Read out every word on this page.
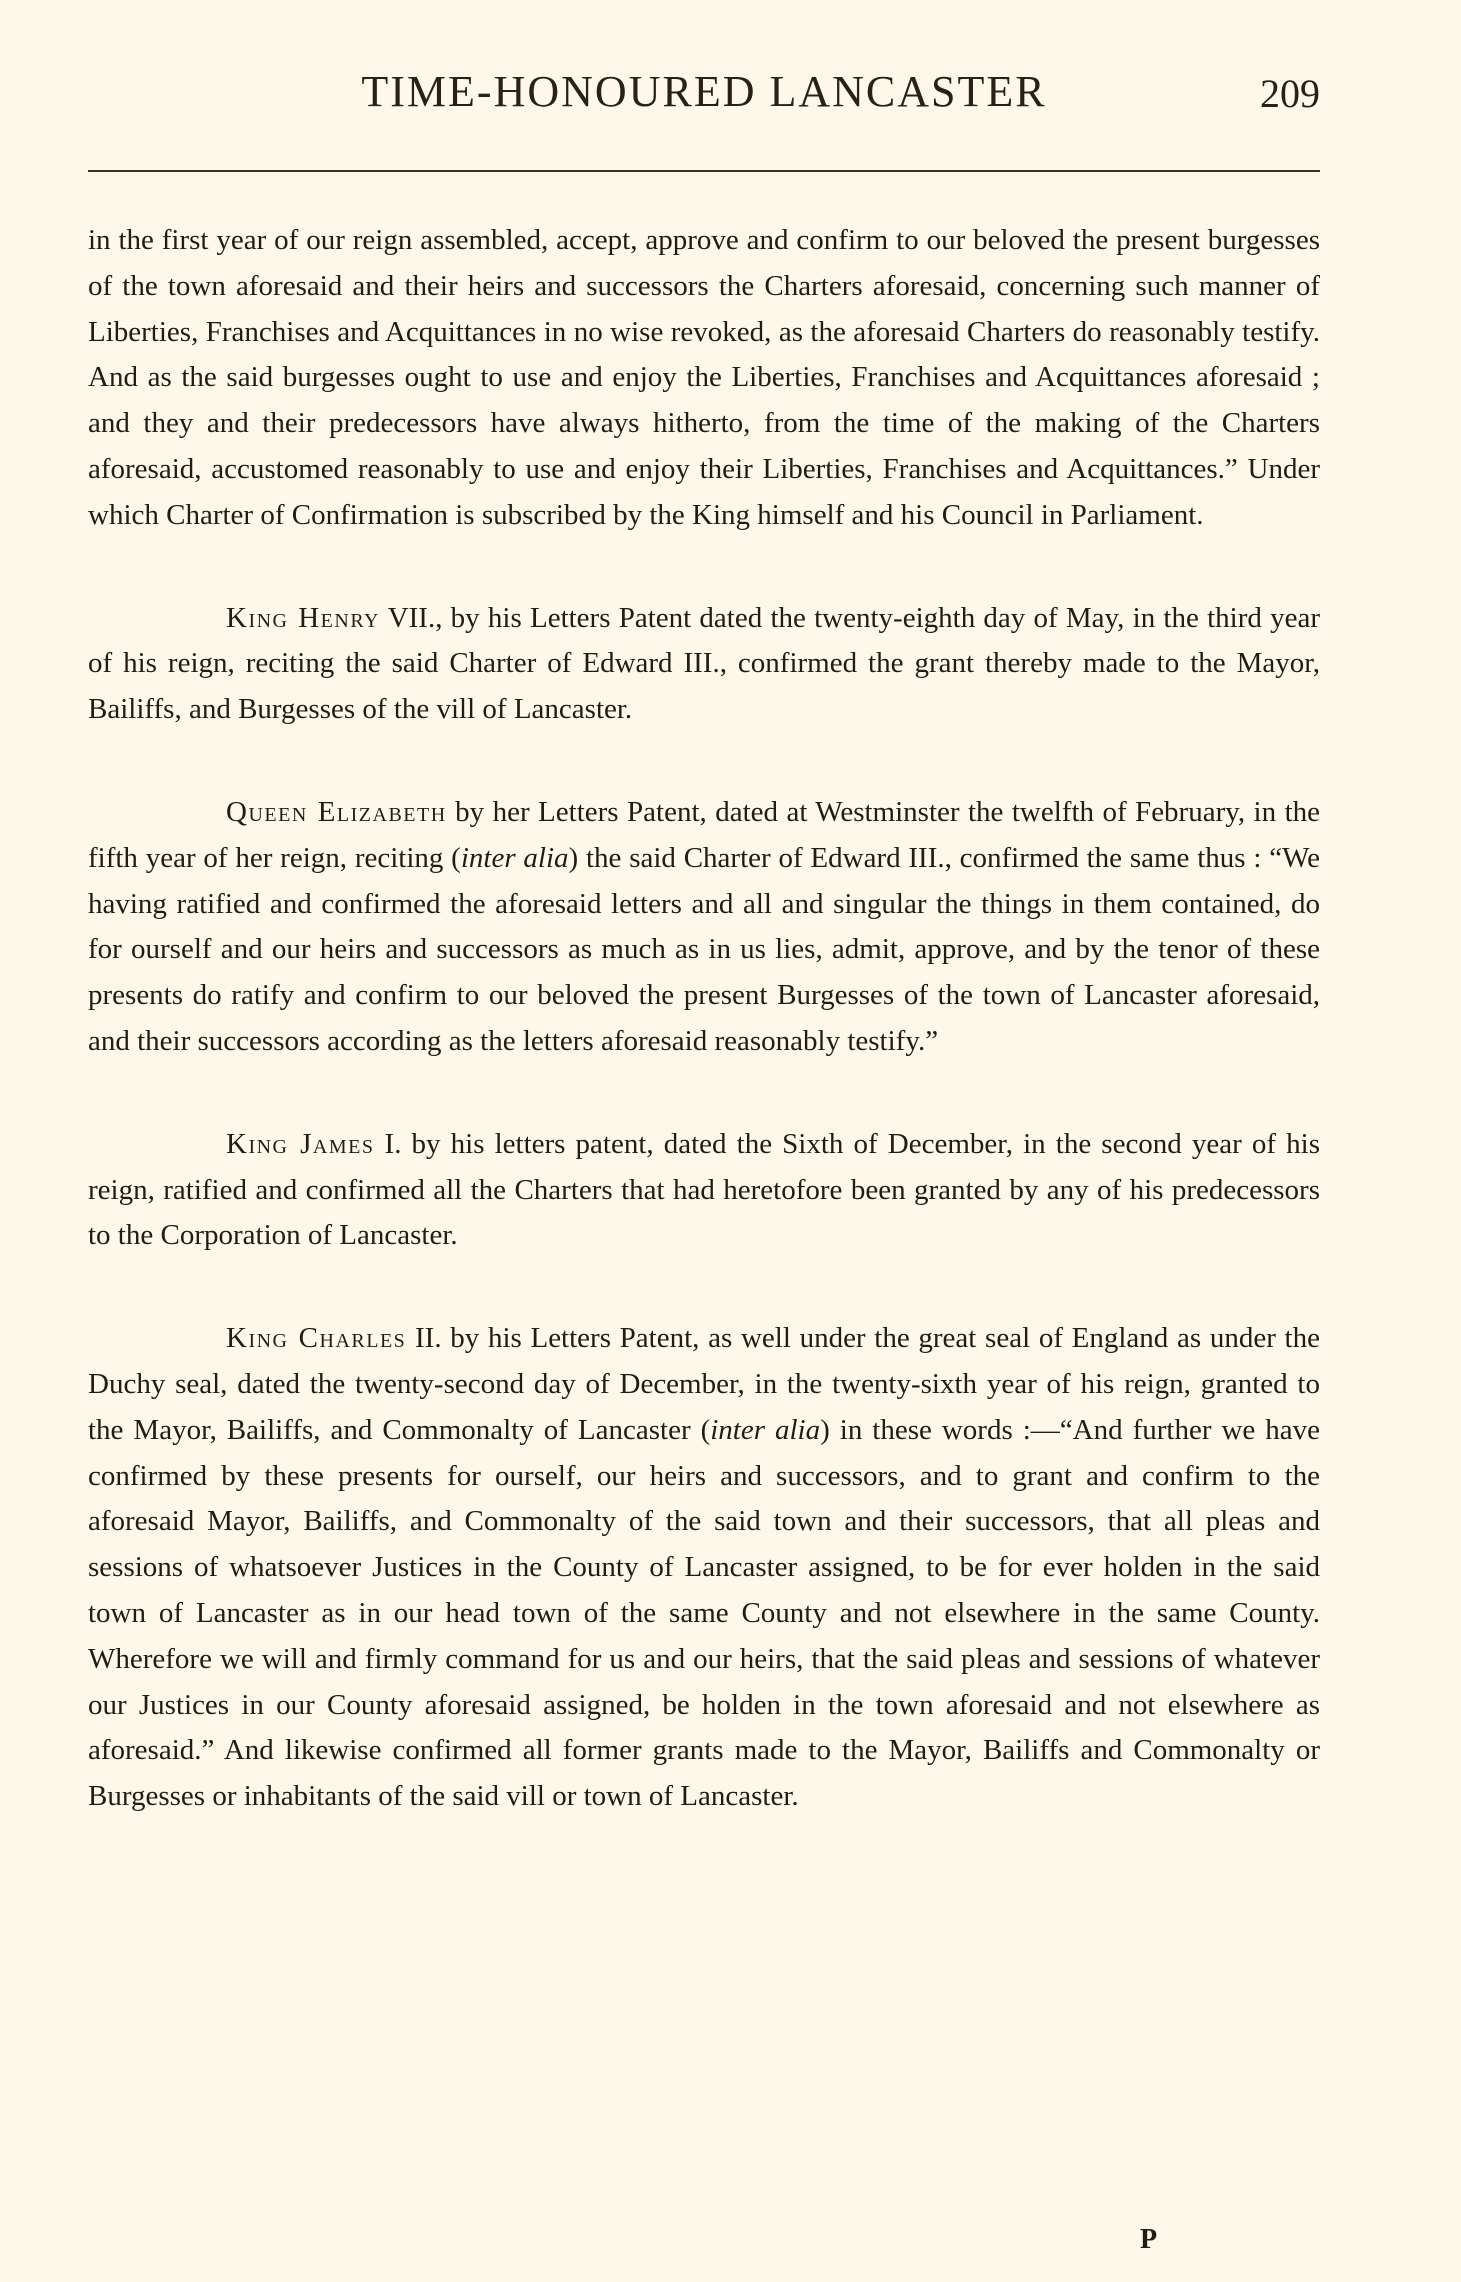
TIME-HONOURED LANCASTER	209

in the first year of our reign assembled, accept, approve and confirm to our beloved the present burgesses of the town aforesaid and their heirs and successors the Charters aforesaid, concerning such manner of Liberties, Franchises and Acquittances in no wise revoked, as the aforesaid Charters do reasonably testify. And as the said burgesses ought to use and enjoy the Liberties, Franchises and Acquittances aforesaid ; and they and their predecessors have always hitherto, from the time of the making of the Charters aforesaid, accustomed reasonably to use and enjoy their Liberties, Franchises and Acquittances.” Under which Charter of Confirmation is subscribed by the King himself and his Council in Parliament.

King Henry VII., by his Letters Patent dated the twenty-eighth day of May, in the third year of his reign, reciting the said Charter of Edward III., confirmed the grant thereby made to the Mayor, Bailiffs, and Burgesses of the vill of Lancaster.

Queen Elizabeth by her Letters Patent, dated at Westminster the twelfth of February, in the fifth year of her reign, reciting (inter alia) the said Charter of Edward III., confirmed the same thus : “We having ratified and confirmed the aforesaid letters and all and singular the things in them contained, do for ourself and our heirs and successors as much as in us lies, admit, approve, and by the tenor of these presents do ratify and confirm to our beloved the present Burgesses of the town of Lancaster aforesaid, and their successors according as the letters aforesaid reasonably testify.”

King James I. by his letters patent, dated the Sixth of December, in the second year of his reign, ratified and confirmed all the Charters that had heretofore been granted by any of his predecessors to the Corporation of Lancaster.

King Charles II. by his Letters Patent, as well under the great seal of England as under the Duchy seal, dated the twenty-second day of December, in the twenty-sixth year of his reign, granted to the Mayor, Bailiffs, and Commonalty of Lancaster (inter alia) in these words :—“And further we have confirmed by these presents for ourself, our heirs and successors, and to grant and confirm to the aforesaid Mayor, Bailiffs, and Commonalty of the said town and their successors, that all pleas and sessions of whatsoever Justices in the County of Lancaster assigned, to be for ever holden in the said town of Lancaster as in our head town of the same County and not elsewhere in the same County. Wherefore we will and firmly command for us and our heirs, that the said pleas and sessions of whatever our Justices in our County aforesaid assigned, be holden in the town aforesaid and not elsewhere as aforesaid.” And likewise confirmed all former grants made to the Mayor, Bailiffs and Commonalty or Burgesses or inhabitants of the said vill or town of Lancaster.

P
